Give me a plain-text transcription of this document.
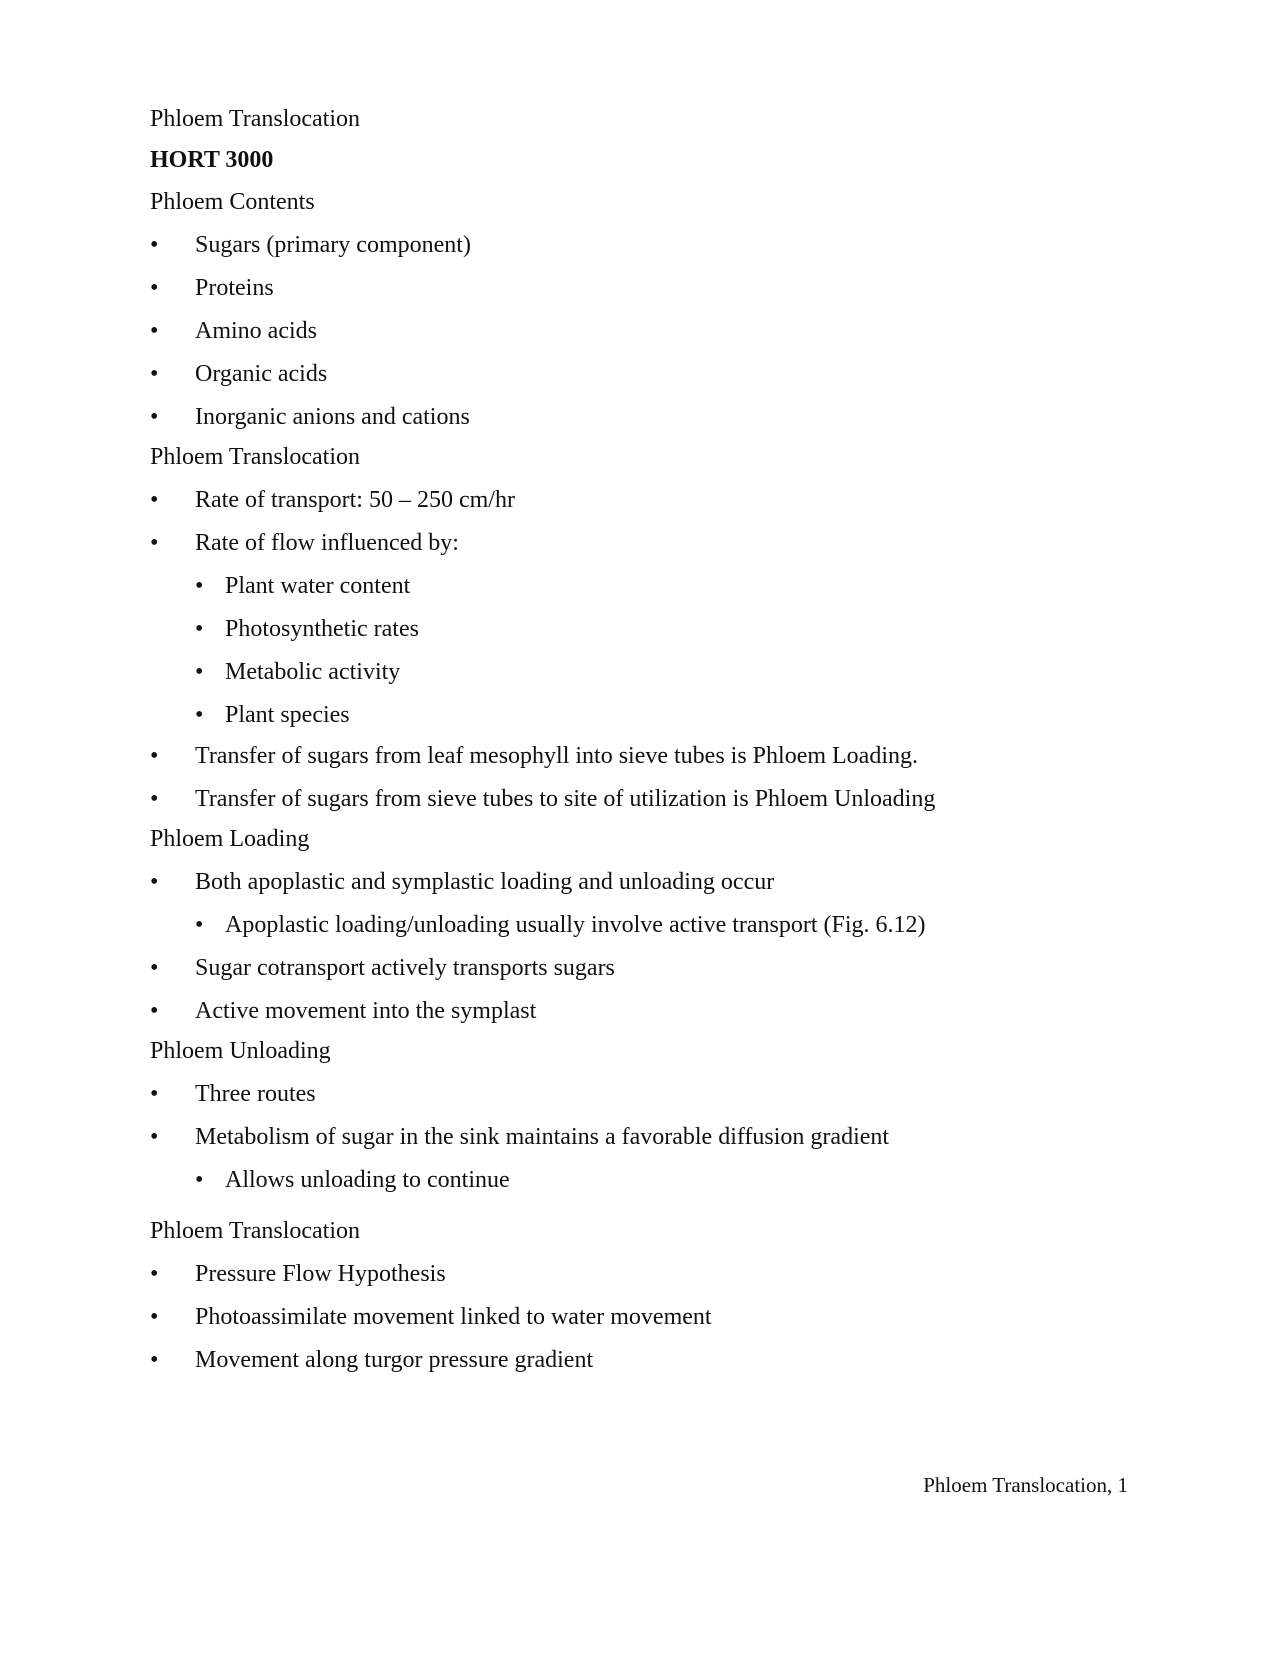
Phloem Translocation
HORT 3000
Phloem Contents
• Sugars (primary component)
• Proteins
• Amino acids
• Organic acids
• Inorganic anions and cations
Phloem Translocation
• Rate of transport: 50 – 250 cm/hr
• Rate of flow influenced by:
• Plant water content
• Photosynthetic rates
• Metabolic activity
• Plant species
• Transfer of sugars from leaf mesophyll into sieve tubes is Phloem Loading.
• Transfer of sugars from sieve tubes to site of utilization is Phloem Unloading
Phloem Loading
• Both apoplastic and symplastic loading and unloading occur
• Apoplastic loading/unloading usually involve active transport (Fig. 6.12)
• Sugar cotransport actively transports sugars
• Active movement into the symplast
Phloem Unloading
• Three routes
• Metabolism of sugar in the sink maintains a favorable diffusion gradient
• Allows unloading to continue
Phloem Translocation
• Pressure Flow Hypothesis
• Photoassimilate movement linked to water movement
• Movement along turgor pressure gradient
Phloem Translocation, 1
